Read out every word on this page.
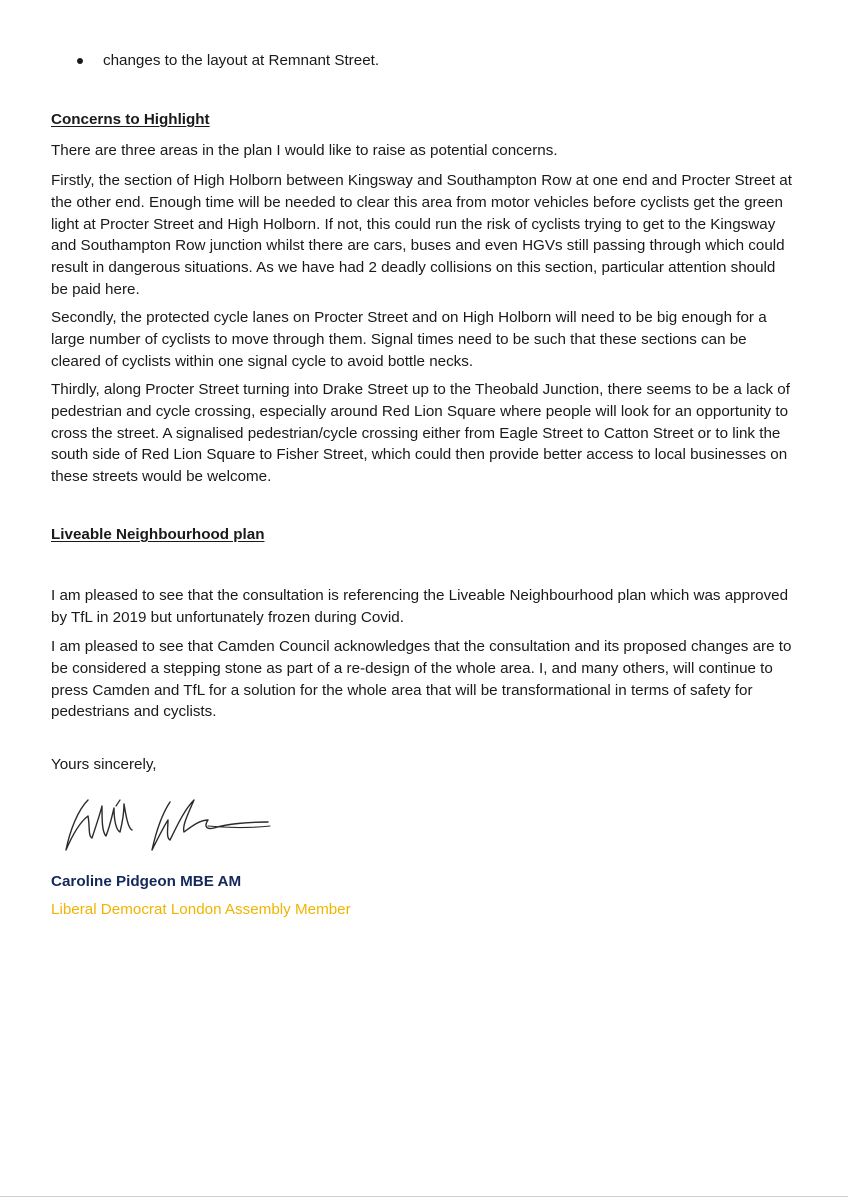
changes to the layout at Remnant Street.
Concerns to Highlight

There are three areas in the plan I would like to raise as potential concerns.

Firstly, the section of High Holborn between Kingsway and Southampton Row at one end and Procter Street at
the other end. Enough time will be needed to clear this area from motor vehicles before cyclists get the green
light at Procter Street and High Holborn. If not, this could run the risk of cyclists trying to get to the Kingsway
and Southampton Row junction whilst there are cars, buses and even HGVs still passing through which could
result in dangerous situations. As we have had 2 deadly collisions on this section, particular attention should
be paid here.

Secondly, the protected cycle lanes on Procter Street and on High Holborn will need to be big enough for a
large number of cyclists to move through them. Signal times need to be such that these sections can be
cleared of cyclists within one signal cycle to avoid bottle necks.

Thirdly, along Procter Street turning into Drake Street up to the Theobald Junction, there seems to be a lack of
pedestrian and cycle crossing, especially around Red Lion Square where people will look for an opportunity to
cross the street. A signalised pedestrian/cycle crossing either from Eagle Street to Catton Street or to link the
south side of Red Lion Square to Fisher Street, which could then provide better access to local businesses on
these streets would be welcome.

Liveable Neighbourhood plan

I am pleased to see that the consultation is referencing the Liveable Neighbourhood plan which was approved
by TfL in 2019 but unfortunately frozen during Covid.

I am pleased to see that Camden Council acknowledges that the consultation and its proposed changes are to
be considered a stepping stone as part of a re-design of the whole area. I, and many others, will continue to
press Camden and TfL for a solution for the whole area that will be transformational in terms of safety for
pedestrians and cyclists.

Yours sincerely,
Caroline Pidgeon MBE AM
Liberal Democrat London Assembly Member
